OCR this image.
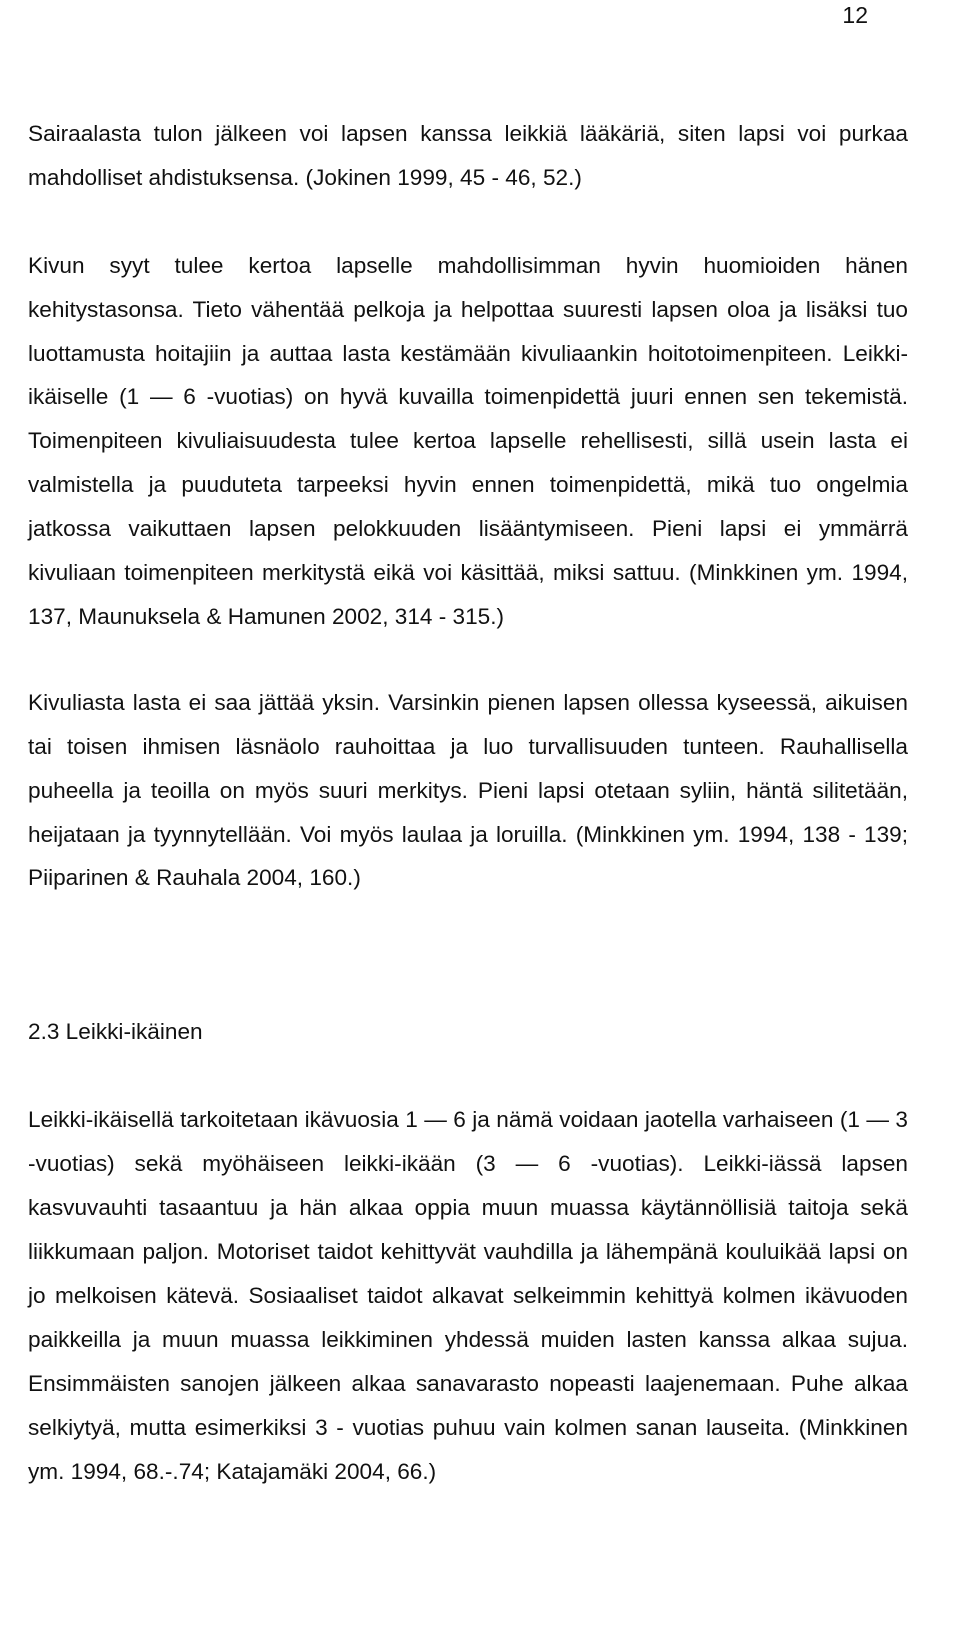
12

Sairaalasta tulon jälkeen voi lapsen kanssa leikkiä lääkäriä, siten lapsi voi purkaa mahdolliset ahdistuksensa. (Jokinen 1999, 45 - 46, 52.)

Kivun syyt tulee kertoa lapselle mahdollisimman hyvin huomioiden hänen kehitystasonsa. Tieto vähentää pelkoja ja helpottaa suuresti lapsen oloa ja lisäksi tuo luottamusta hoitajiin ja auttaa lasta kestämään kivuliaankin hoitotoimenpiteen. Leikki-ikäiselle (1 — 6 -vuotias) on hyvä kuvailla toimenpidettä juuri ennen sen tekemistä. Toimenpiteen kivuliaisuudesta tulee kertoa lapselle rehellisesti, sillä usein lasta ei valmistella ja puuduteta tarpeeksi hyvin ennen toimenpidettä, mikä tuo ongelmia jatkossa vaikuttaen lapsen pelokkuuden lisääntymiseen. Pieni lapsi ei ymmärrä kivuliaan toimenpiteen merkitystä eikä voi käsittää, miksi sattuu. (Minkkinen ym. 1994, 137, Maunuksela & Hamunen 2002, 314 - 315.)

Kivuliasta lasta ei saa jättää yksin. Varsinkin pienen lapsen ollessa kyseessä, aikuisen tai toisen ihmisen läsnäolo rauhoittaa ja luo turvallisuuden tunteen. Rauhallisella puheella ja teoilla on myös suuri merkitys. Pieni lapsi otetaan syliin, häntä silitetään, heijataan ja tyynnytellään. Voi myös laulaa ja loruilla. (Minkkinen ym. 1994, 138 - 139; Piiparinen & Rauhala 2004, 160.)

2.3 Leikki-ikäinen

Leikki-ikäisellä tarkoitetaan ikävuosia 1 — 6 ja nämä voidaan jaotella varhaiseen (1 — 3 -vuotias) sekä myöhäiseen leikki-ikään (3 — 6 -vuotias). Leikki-iässä lapsen kasvuvauhti tasaantuu ja hän alkaa oppia muun muassa käytännöllisiä taitoja sekä liikkumaan paljon. Motoriset taidot kehittyvät vauhdilla ja lähempänä kouluikää lapsi on jo melkoisen kätevä. Sosiaaliset taidot alkavat selkeimmin kehittyä kolmen ikävuoden paikkeilla ja muun muassa leikkiminen yhdessä muiden lasten kanssa alkaa sujua. Ensimmäisten sanojen jälkeen alkaa sanavarasto nopeasti laajenemaan. Puhe alkaa selkiytyä, mutta esimerkiksi 3 - vuotias puhuu vain kolmen sanan lauseita. (Minkkinen ym. 1994, 68.-.74; Katajamäki 2004, 66.)
